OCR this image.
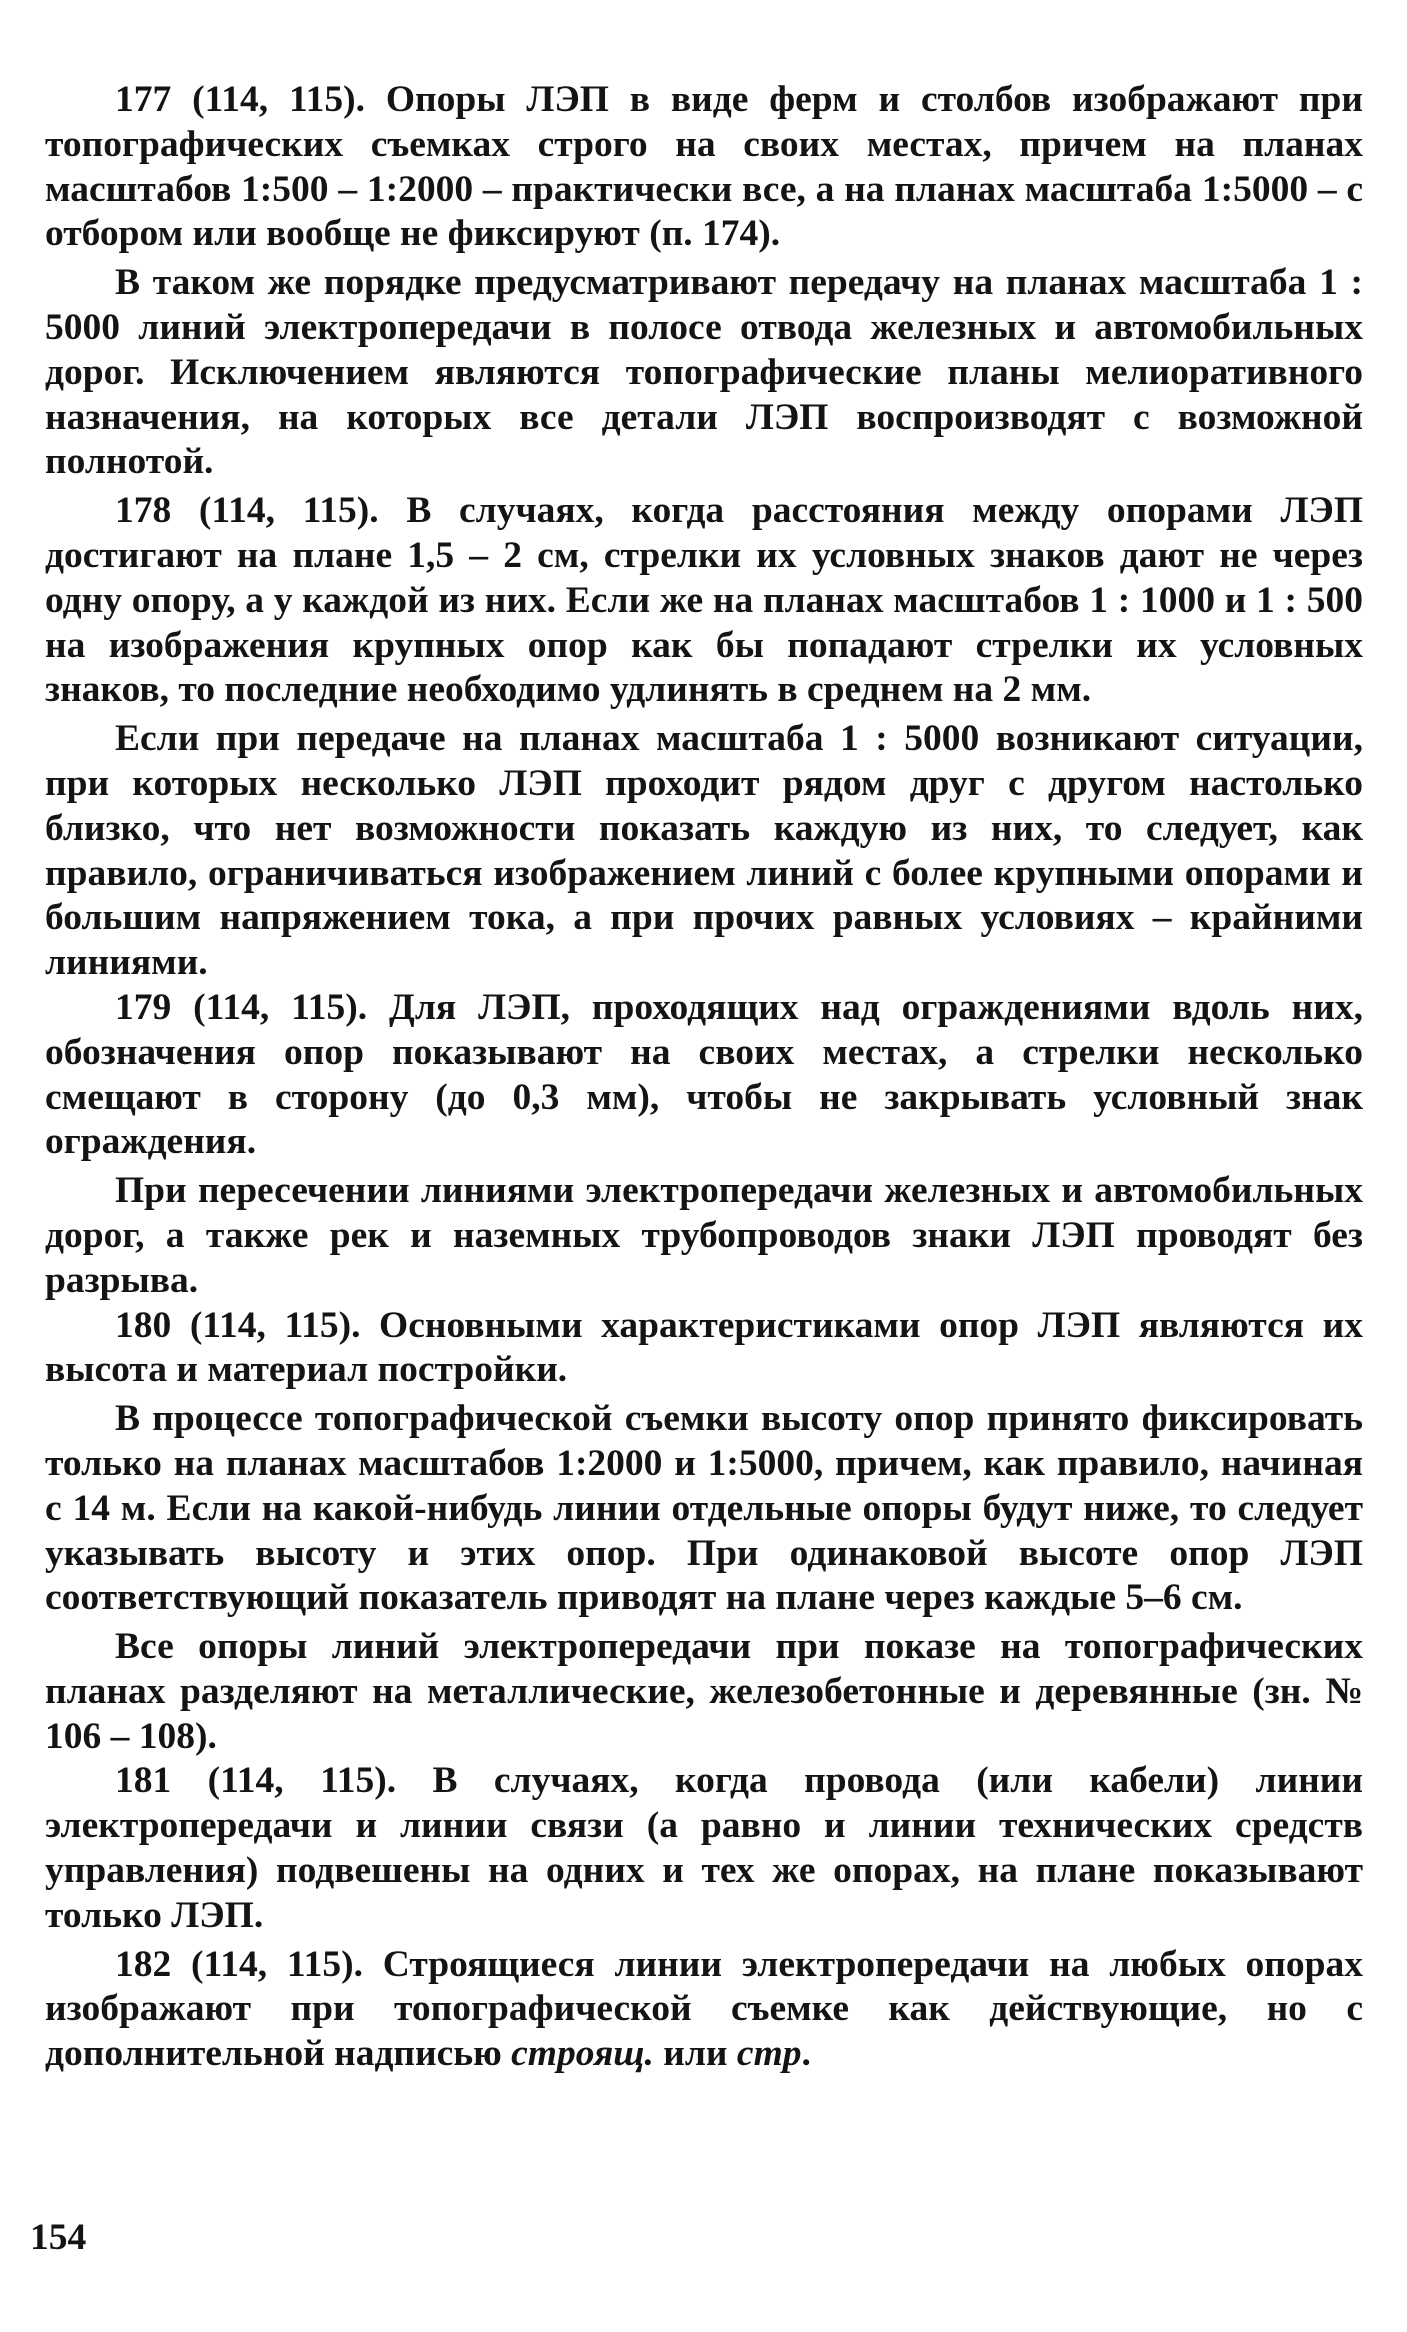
177 (114, 115). Опоры ЛЭП в виде ферм и столбов изображают при топографических съемках строго на своих местах, причем на планах масштабов 1:500 – 1:2000 – практически все, а на планах масштаба 1:5000 – с отбором или вообще не фиксируют (п. 174).

В таком же порядке предусматривают передачу на планах масштаба 1 : 5000 линий электропередачи в полосе отвода железных и автомобильных дорог. Исключением являются топографические планы мелиоративного назначения, на которых все детали ЛЭП воспроизводят с возможной полнотой.

178 (114, 115). В случаях, когда расстояния между опорами ЛЭП достигают на плане 1,5 – 2 см, стрелки их условных знаков дают не через одну опору, а у каждой из них. Если же на планах масштабов 1 : 1000 и 1 : 500 на изображения крупных опор как бы попадают стрелки их условных знаков, то последние необходимо удлинять в среднем на 2 мм.

Если при передаче на планах масштаба 1 : 5000 возникают ситуации, при которых несколько ЛЭП проходит рядом друг с другом настолько близко, что нет возможности показать каждую из них, то следует, как правило, ограничиваться изображением линий с более крупными опорами и большим напряжением тока, а при прочих равных условиях – крайними линиями.

179 (114, 115). Для ЛЭП, проходящих над ограждениями вдоль них, обозначения опор показывают на своих местах, а стрелки несколько смещают в сторону (до 0,3 мм), чтобы не закрывать условный знак ограждения.

При пересечении линиями электропередачи железных и автомобильных дорог, а также рек и наземных трубопроводов знаки ЛЭП проводят без разрыва.

180 (114, 115). Основными характеристиками опор ЛЭП являются их высота и материал постройки.

В процессе топографической съемки высоту опор принято фиксировать только на планах масштабов 1:2000 и 1:5000, причем, как правило, начиная с 14 м. Если на какой-нибудь линии отдельные опоры будут ниже, то следует указывать высоту и этих опор. При одинаковой высоте опор ЛЭП соответствующий показатель приводят на плане через каждые 5–6 см.

Все опоры линий электропередачи при показе на топографических планах разделяют на металлические, железобетонные и деревянные (зн. № 106 – 108).

181 (114, 115). В случаях, когда провода (или кабели) линии электропередачи и линии связи (а равно и линии технических средств управления) подвешены на одних и тех же опорах, на плане показывают только ЛЭП.

182 (114, 115). Строящиеся линии электропередачи на любых опорах изображают при топографической съемке как действующие, но с дополнительной надписью строящ. или стр.

154
